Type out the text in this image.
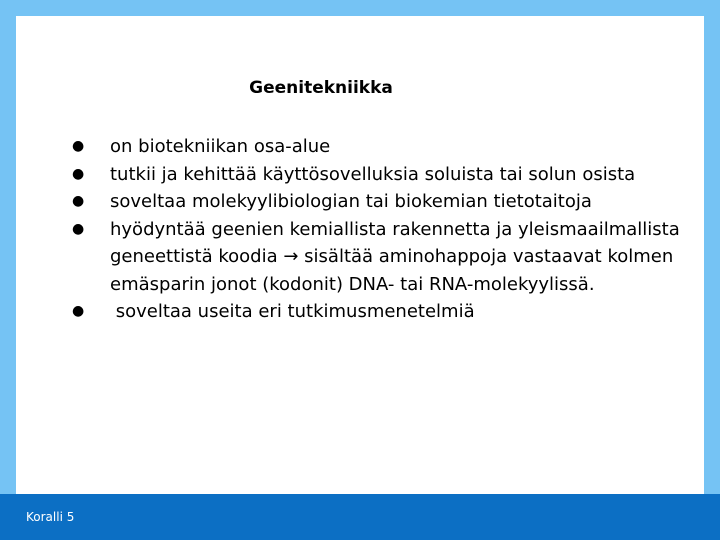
Geenitekniikka
● on biotekniikan osa-alue
● tutkii ja kehittää käyttösovelluksia soluista tai solun osista
● soveltaa molekyylibiologian tai biokemian tietotaitoja
● hyödyntää geenien kemiallista rakennetta ja yleismaailmallista geneettistä koodia → sisältää aminohappoja vastaavat kolmen emäsparin jonot (kodonit) DNA- tai RNA-molekyylissä.
● soveltaa useita eri tutkimusmenetelmiä
Koralli 5
